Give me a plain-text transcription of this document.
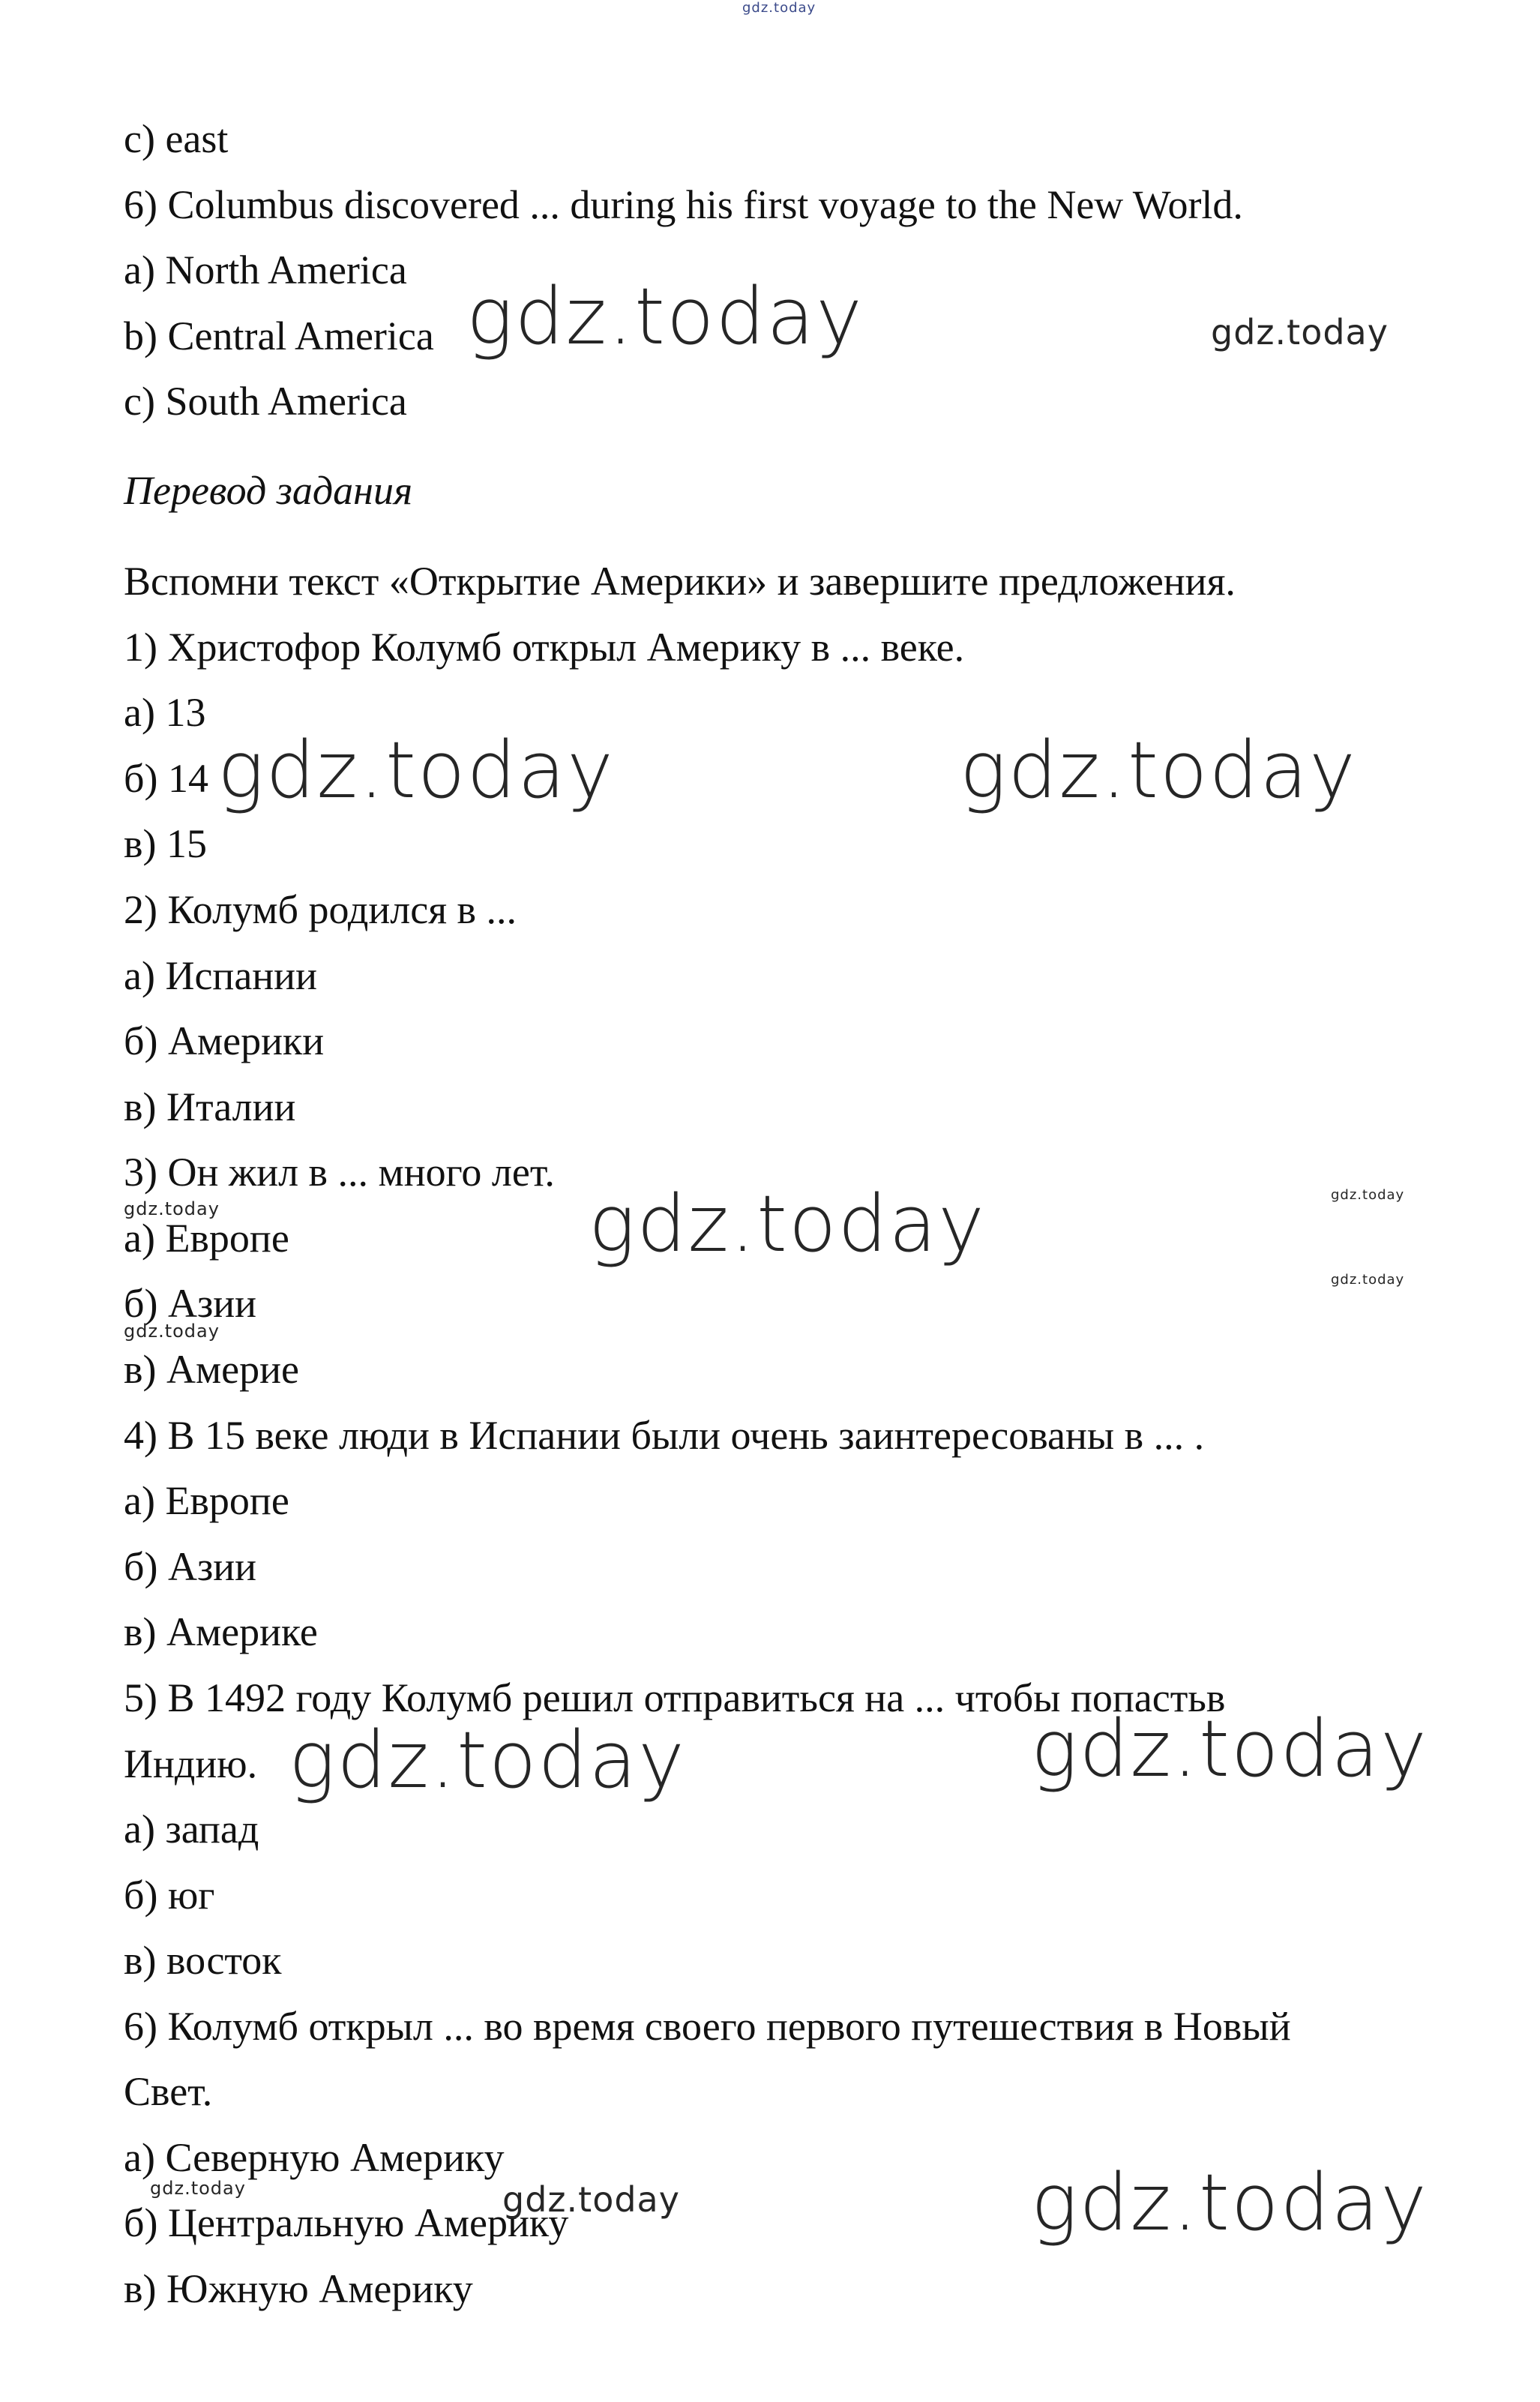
gdz.today

c) east

6) Columbus discovered ... during his first voyage to the New World.

a) North America

b) Central America

c) South America

Перевод задания

Вспомни текст «Открытие Америки» и завершите предложения.

1) Христофор Колумб открыл Америку в ... веке.

а) 13

б) 14

в) 15

2) Колумб родился в ...

а) Испании

б) Америки

в) Италии

3) Он жил в ... много лет.

а) Европе

б) Азии

в) Америе

4) В 15 веке люди в Испании были очень заинтересованы в ... .

а) Европе

б) Азии

в) Америке

5) В 1492 году Колумб решил отправиться на ... чтобы попастьв

Индию.

а) запад

б) юг

в) восток

6) Колумб открыл ... во время своего первого путешествия в Новый

Свет.

а) Северную Америку

б) Центральную Америку

в) Южную Америку

gdz.today	gdz.today
gdz.today	gdz.today
gdz.today
gdz.today
gdz.today
gdz.today
gdz.today
gdz.today	gdz.today
gdz.today	gdz.today	gdz.today
